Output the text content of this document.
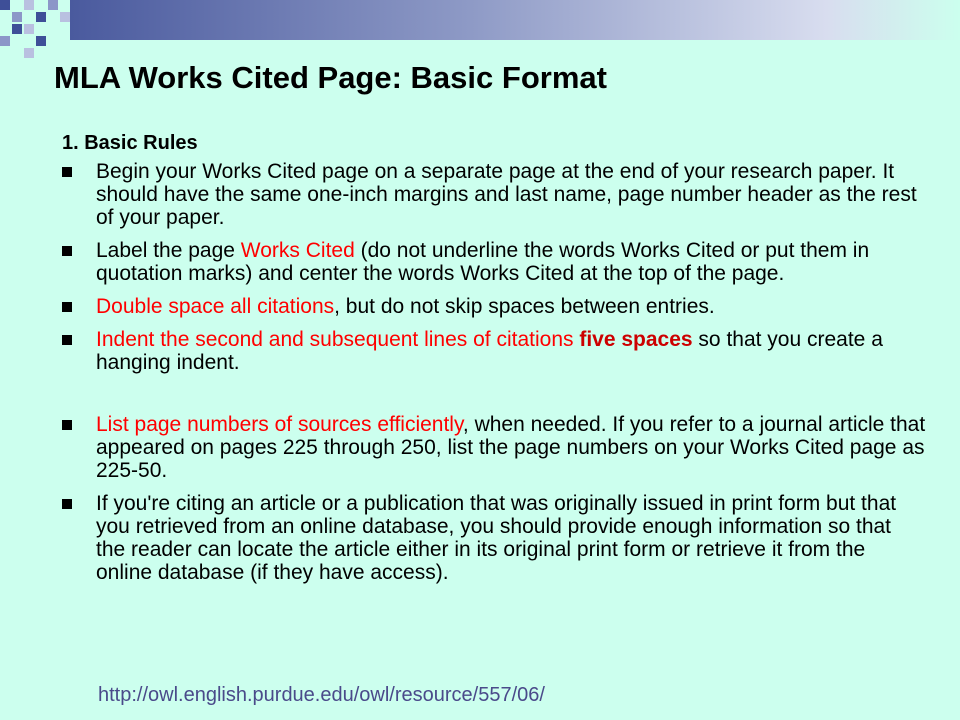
MLA Works Cited Page: Basic Format
1. Basic Rules
Begin your Works Cited page on a separate page at the end of your research paper. It should have the same one-inch margins and last name, page number header as the rest of your paper.
Label the page Works Cited (do not underline the words Works Cited or put them in quotation marks) and center the words Works Cited at the top of the page.
Double space all citations, but do not skip spaces between entries.
Indent the second and subsequent lines of citations five spaces so that you create a hanging indent.
List page numbers of sources efficiently, when needed. If you refer to a journal article that appeared on pages 225 through 250, list the page numbers on your Works Cited page as 225-50.
If you're citing an article or a publication that was originally issued in print form but that you retrieved from an online database, you should provide enough information so that the reader can locate the article either in its original print form or retrieve it from the online database (if they have access).
http://owl.english.purdue.edu/owl/resource/557/06/
